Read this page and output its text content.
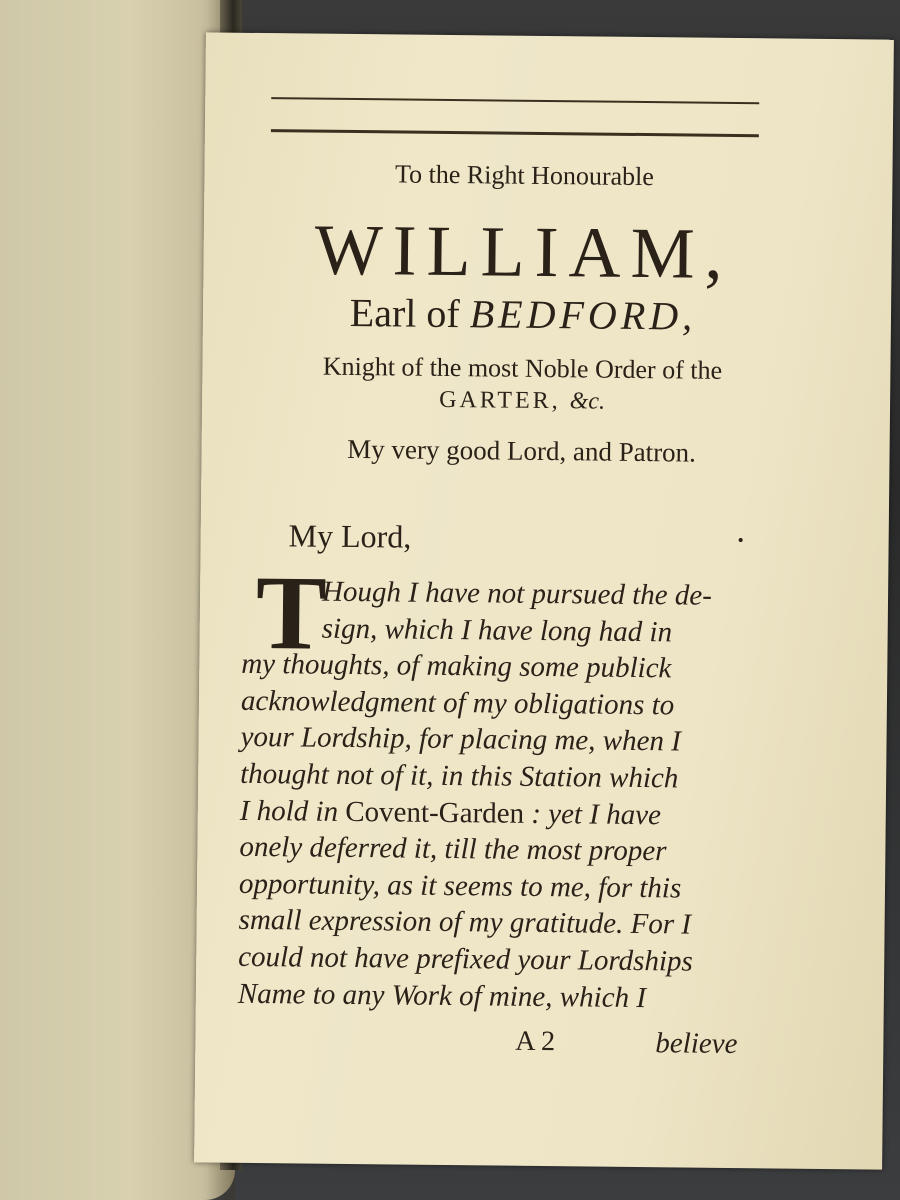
To the Right Honourable
WILLIAM,
Earl of BEDFORD,
Knight of the most Noble Order of the
GARTER, &c.
My very good Lord, and Patron.
My Lord,
T
Hough I have not pursued the de-
sign, which I have long had in
my thoughts, of making some publick
acknowledgment of my obligations to
your Lordship, for placing me, when I
thought not of it, in this Station which
I hold in Covent-Garden : yet I have
onely deferred it, till the most proper
opportunity, as it seems to me, for this
small expression of my gratitude. For I
could not have prefixed your Lordships
Name to any Work of mine, which I
A 2	believe
